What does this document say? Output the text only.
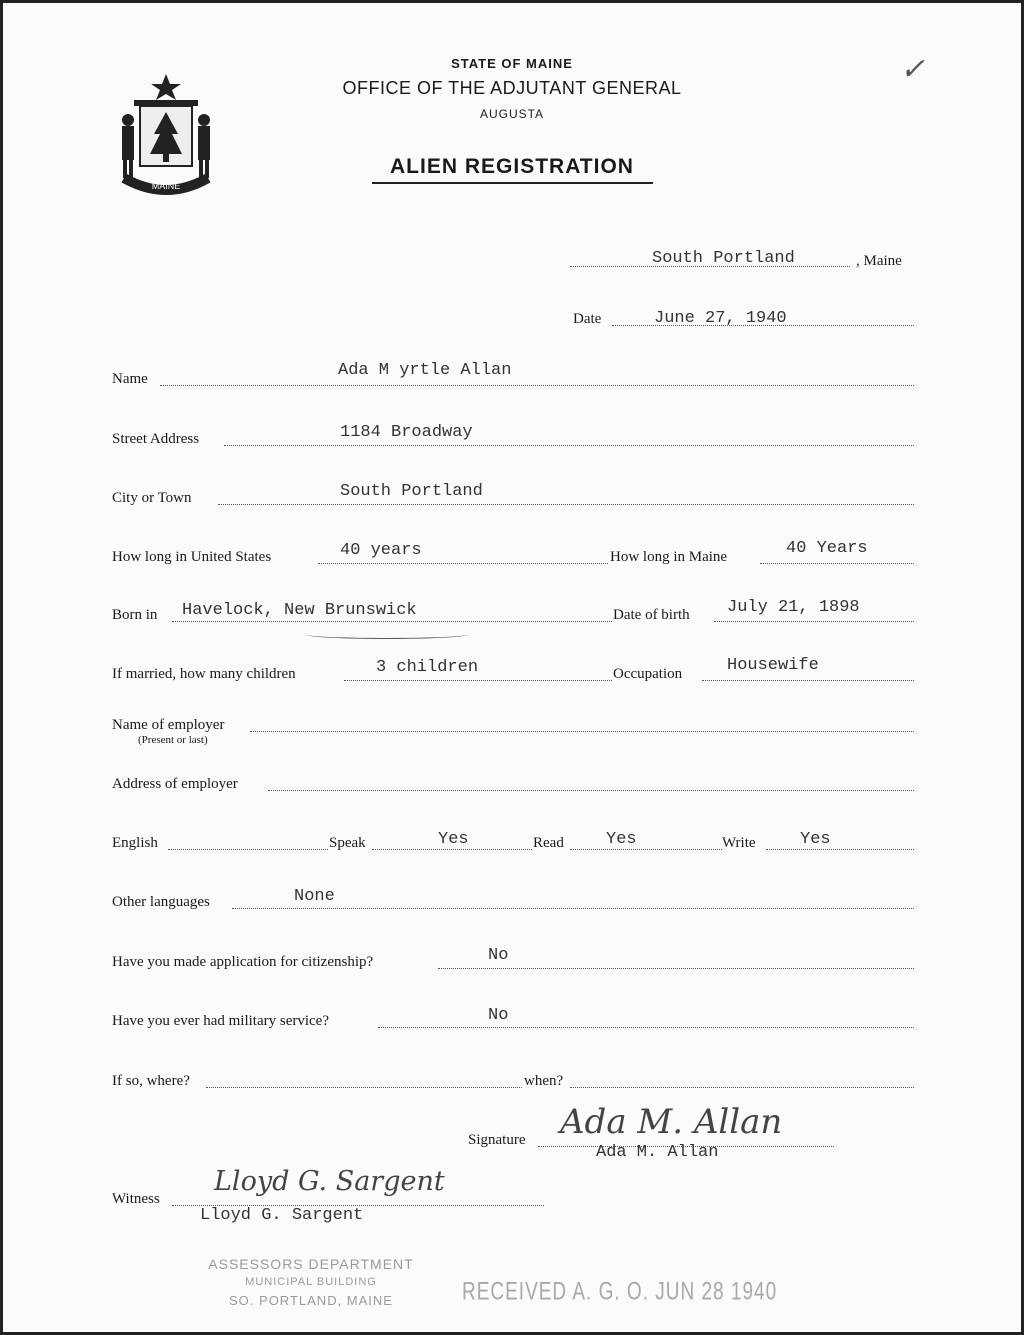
MAINE
STATE OF MAINE
OFFICE OF THE ADJUTANT GENERAL
AUGUSTA
ALIEN REGISTRATION
✓
South Portland	, Maine
Date	June 27, 1940
Name	Ada M yrtle Allan
Street Address	1184 Broadway
City or Town	South Portland
How long in United States	40 years	How long in Maine	40 Years
Born in Havelock, New Brunswick	Date of birth July 21, 1898
If married, how many children	3 children	Occupation	Housewife
Name of employer
(Present or last)
Address of employer
English	Speak	Yes	Read Yes	Write	Yes
Other languages	None
Have you made application for citizenship?	No
Have you ever had military service?	No
If so, where?	when?
Signature Ada M. Allan
Ada M. Allan
Witness
Lloyd G. Sargent
Lloyd G. Sargent
ASSESSORS DEPARTMENT
MUNICIPAL BUILDING
SO. PORTLAND, MAINE	RECEIVED A. G. O. JUN 28 1940
